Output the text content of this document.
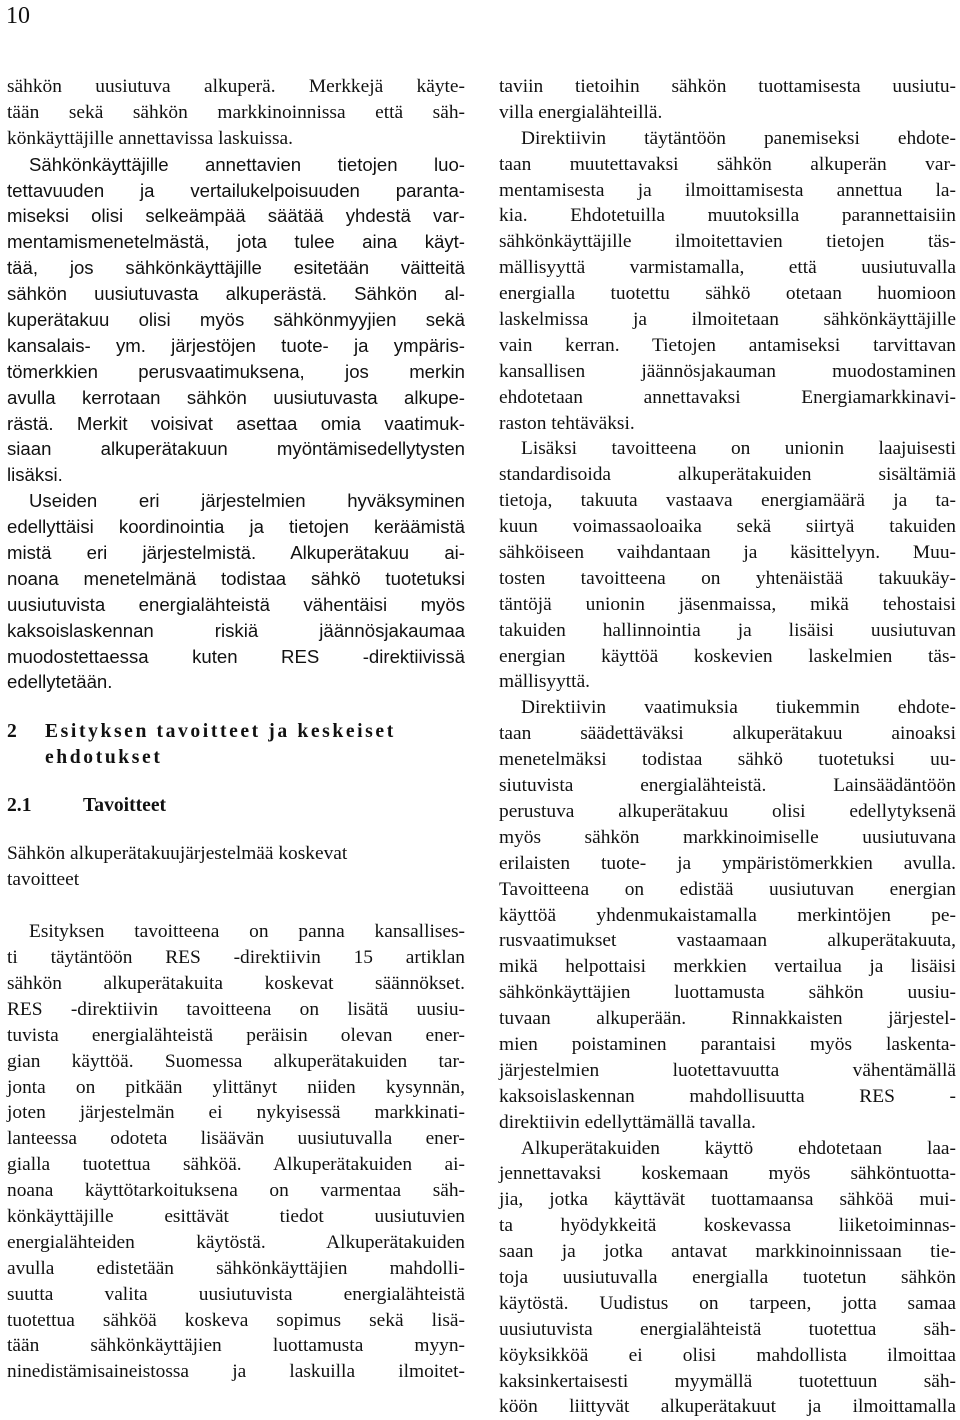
10
sähkön uusiutuva alkuperä. Merkkejä käyte-
tään sekä sähkön markkinoinnissa että säh-
könkäyttäjille annettavissa laskuissa.
Sähkönkäyttäjille annettavien tietojen luo-
tettavuuden ja vertailukelpoisuuden paranta-
miseksi olisi selkeämpää säätää yhdestä var-
mentamismenetelmästä, jota tulee aina käyt-
tää, jos sähkönkäyttäjille esitetään väitteitä
sähkön uusiutuvasta alkuperästä. Sähkön al-
kuperätakuu olisi myös sähkönmyyjien sekä
kansalais- ym. järjestöjen tuote- ja ympäris-
tömerkkien perusvaatimuksena, jos merkin
avulla kerrotaan sähkön uusiutuvasta alkupe-
rästä. Merkit voisivat asettaa omia vaatimuk-
siaan alkuperätakuun myöntämisedellytysten
lisäksi.
Useiden eri järjestelmien hyväksyminen
edellyttäisi koordinointia ja tietojen keräämistä
mistä eri järjestelmistä. Alkuperätakuu ai-
noana menetelmänä todistaa sähkö tuotetuksi
uusiutuvista energialähteistä vähentäisi myös
kaksoislaskennan riskiä jäännösjakaumaa
muodostettaessa kuten RES -direktiivissä
edellytetään.
2 Esityksen tavoitteet ja keskeiset
ehdotukset
2.1	Tavoitteet
Sähkön alkuperätakuujärjestelmää koskevat
tavoitteet
Esityksen tavoitteena on panna kansallises-
ti täytäntöön RES -direktiivin 15 artiklan
sähkön alkuperätakuita koskevat säännökset.
RES -direktiivin tavoitteena on lisätä uusiu-
tuvista energialähteistä peräisin olevan ener-
gian käyttöä. Suomessa alkuperätakuiden tar-
jonta on pitkään ylittänyt niiden kysynnän,
joten järjestelmän ei nykyisessä markkinati-
lanteessa odoteta lisäävän uusiutuvalla ener-
gialla tuotettua sähköä. Alkuperätakuiden ai-
noana käyttötarkoituksena on varmentaa säh-
könkäyttäjille esittävät tiedot uusiutuvien
energialähteiden käytöstä. Alkuperätakuiden
avulla edistetään sähkönkäyttäjien mahdolli-
suutta valita uusiutuvista energialähteistä
tuotettua sähköä koskeva sopimus sekä lisä-
tään sähkönkäyttäjien luottamusta myyn-
ninedistämisaineistossa ja laskuilla ilmoitet-
taviin tietoihin sähkön tuottamisesta uusiutu-
villa energialähteillä.
Direktiivin täytäntöön panemiseksi ehdote-
taan muutettavaksi sähkön alkuperän var-
mentamisesta ja ilmoittamisesta annettua la-
kia. Ehdotetuilla muutoksilla parannettaisiin
sähkönkäyttäjille ilmoitettavien tietojen täs-
mällisyyttä varmistamalla, että uusiutuvalla
energialla tuotettu sähkö otetaan huomioon
laskelmissa ja ilmoitetaan sähkönkäyttäjille
vain kerran. Tietojen antamiseksi tarvittavan
kansallisen jäännösjakauman muodostaminen
ehdotetaan annettavaksi Energiamarkkinavi-
raston tehtäväksi.
Lisäksi tavoitteena on unionin laajuisesti
standardisoida alkuperätakuiden sisältämiä
tietoja, takuuta vastaava energiamäärä ja ta-
kuun voimassaoloaika sekä siirtyä takuiden
sähköiseen vaihdantaan ja käsittelyyn. Muu-
tosten tavoitteena on yhtenäistää takuukäy-
täntöjä unionin jäsenmaissa, mikä tehostaisi
takuiden hallinnointia ja lisäisi uusiutuvan
energian käyttöä koskevien laskelmien täs-
mällisyyttä.
Direktiivin vaatimuksia tiukemmin ehdote-
taan säädettäväksi alkuperätakuu ainoaksi
menetelmäksi todistaa sähkö tuotetuksi uu-
siutuvista energialähteistä. Lainsäädäntöön
perustuva alkuperätakuu olisi edellytyksenä
myös sähkön markkinoimiselle uusiutuvana
erilaisten tuote- ja ympäristömerkkien avulla.
Tavoitteena on edistää uusiutuvan energian
käyttöä yhdenmukaistamalla merkintöjen pe-
rusvaatimukset vastaamaan alkuperätakuuta,
mikä helpottaisi merkkien vertailua ja lisäisi
sähkönkäyttäjien luottamusta sähkön uusiu-
tuvaan alkuperään. Rinnakkaisten järjestel-
mien poistaminen parantaisi myös laskenta-
järjestelmien luotettavuutta vähentämällä
kaksoislaskennan mahdollisuutta RES -
direktiivin edellyttämällä tavalla.
Alkuperätakuiden käyttö ehdotetaan laa-
jennettavaksi koskemaan myös sähköntuotta-
jia, jotka käyttävät tuottamaansa sähköä mui-
ta hyödykkeitä koskevassa liiketoiminnas-
saan ja jotka antavat markkinoinnissaan tie-
toja uusiutuvalla energialla tuotetun sähkön
käytöstä. Uudistus on tarpeen, jotta samaa
uusiutuvista energialähteistä tuotettua säh-
köyksikköä ei olisi mahdollista ilmoittaa
kaksinkertaisesti myymällä tuotettuun säh-
köön liittyvät alkuperätakuut ja ilmoittamalla
